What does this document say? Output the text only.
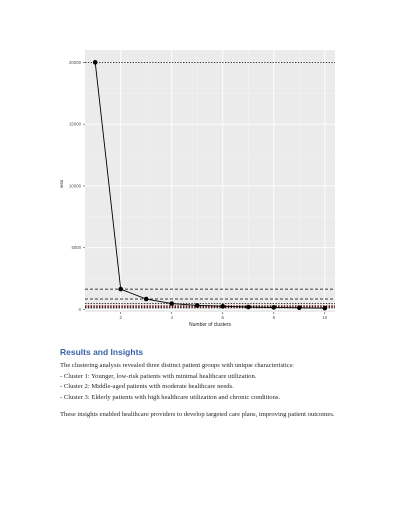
0
5000
10000
15000
20000
2	4	6	8	10
Number of clusters
wss
Results and Insights

The clustering analysis revealed three distinct patient groups with unique characteristics:
- Cluster 1: Younger, low-risk patients with minimal healthcare utilization.
- Cluster 2: Middle-aged patients with moderate healthcare needs.
- Cluster 3: Elderly patients with high healthcare utilization and chronic conditions.

These insights enabled healthcare providers to develop targeted care plans, improving patient outcomes.
